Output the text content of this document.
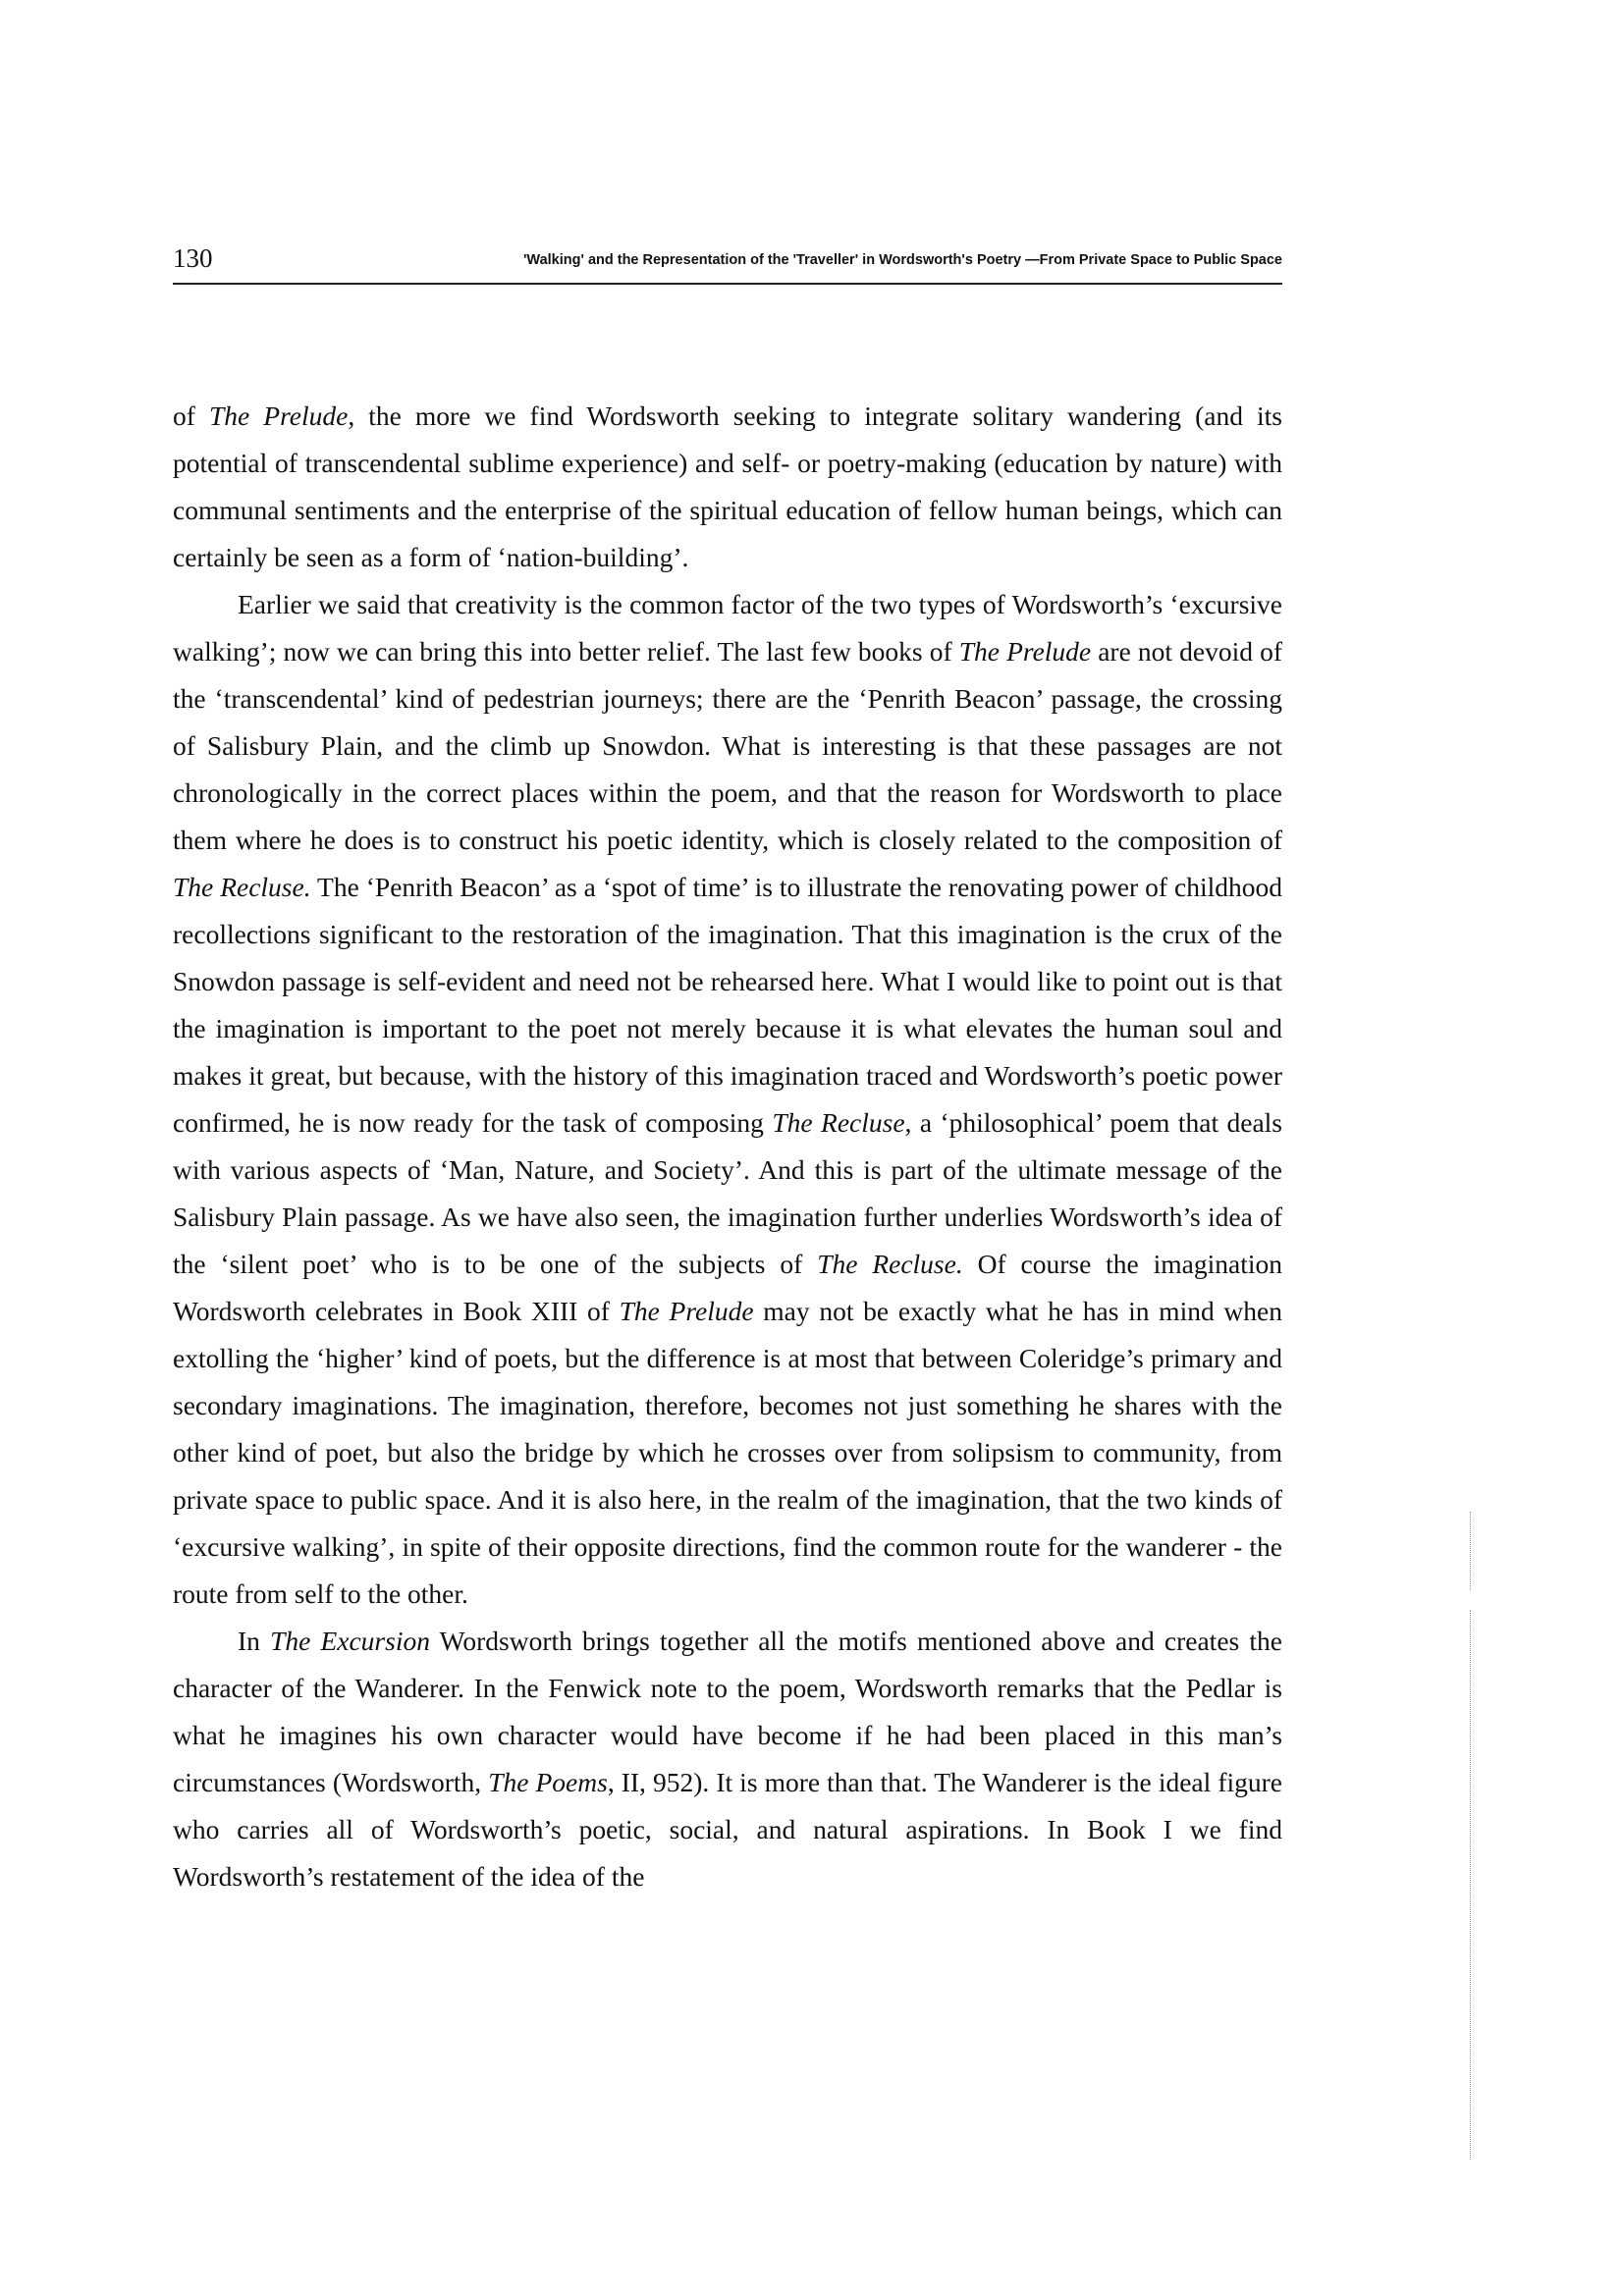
130	'Walking' and the Representation of the 'Traveller' in Wordsworth's Poetry —From Private Space to Public Space

of The Prelude, the more we find Wordsworth seeking to integrate solitary wandering (and its potential of transcendental sublime experience) and self- or poetry-making (education by nature) with communal sentiments and the enterprise of the spiritual education of fellow human beings, which can certainly be seen as a form of ‘nation-building’.

Earlier we said that creativity is the common factor of the two types of Wordsworth’s ‘excursive walking’; now we can bring this into better relief. The last few books of The Prelude are not devoid of the ‘transcendental’ kind of pedestrian journeys; there are the ‘Penrith Beacon’ passage, the crossing of Salisbury Plain, and the climb up Snowdon. What is interesting is that these passages are not chronologically in the correct places within the poem, and that the reason for Wordsworth to place them where he does is to construct his poetic identity, which is closely related to the composition of The Recluse. The ‘Penrith Beacon’ as a ‘spot of time’ is to illustrate the renovating power of childhood recollections significant to the restoration of the imagination. That this imagination is the crux of the Snowdon passage is self-evident and need not be rehearsed here. What I would like to point out is that the imagination is important to the poet not merely because it is what elevates the human soul and makes it great, but because, with the history of this imagination traced and Wordsworth’s poetic power confirmed, he is now ready for the task of composing The Recluse, a ‘philosophical’ poem that deals with various aspects of ‘Man, Nature, and Society’. And this is part of the ultimate message of the Salisbury Plain passage. As we have also seen, the imagination further underlies Wordsworth’s idea of the ‘silent poet’ who is to be one of the subjects of The Recluse. Of course the imagination Wordsworth celebrates in Book XIII of The Prelude may not be exactly what he has in mind when extolling the ‘higher’ kind of poets, but the difference is at most that between Coleridge’s primary and secondary imaginations. The imagination, therefore, becomes not just something he shares with the other kind of poet, but also the bridge by which he crosses over from solipsism to community, from private space to public space. And it is also here, in the realm of the imagination, that the two kinds of ‘excursive walking’, in spite of their opposite directions, find the common route for the wanderer - the route from self to the other.

In The Excursion Wordsworth brings together all the motifs mentioned above and creates the character of the Wanderer. In the Fenwick note to the poem, Wordsworth remarks that the Pedlar is what he imagines his own character would have become if he had been placed in this man’s circumstances (Wordsworth, The Poems, II, 952). It is more than that. The Wanderer is the ideal figure who carries all of Wordsworth’s poetic, social, and natural aspirations. In Book I we find Wordsworth’s restatement of the idea of the
